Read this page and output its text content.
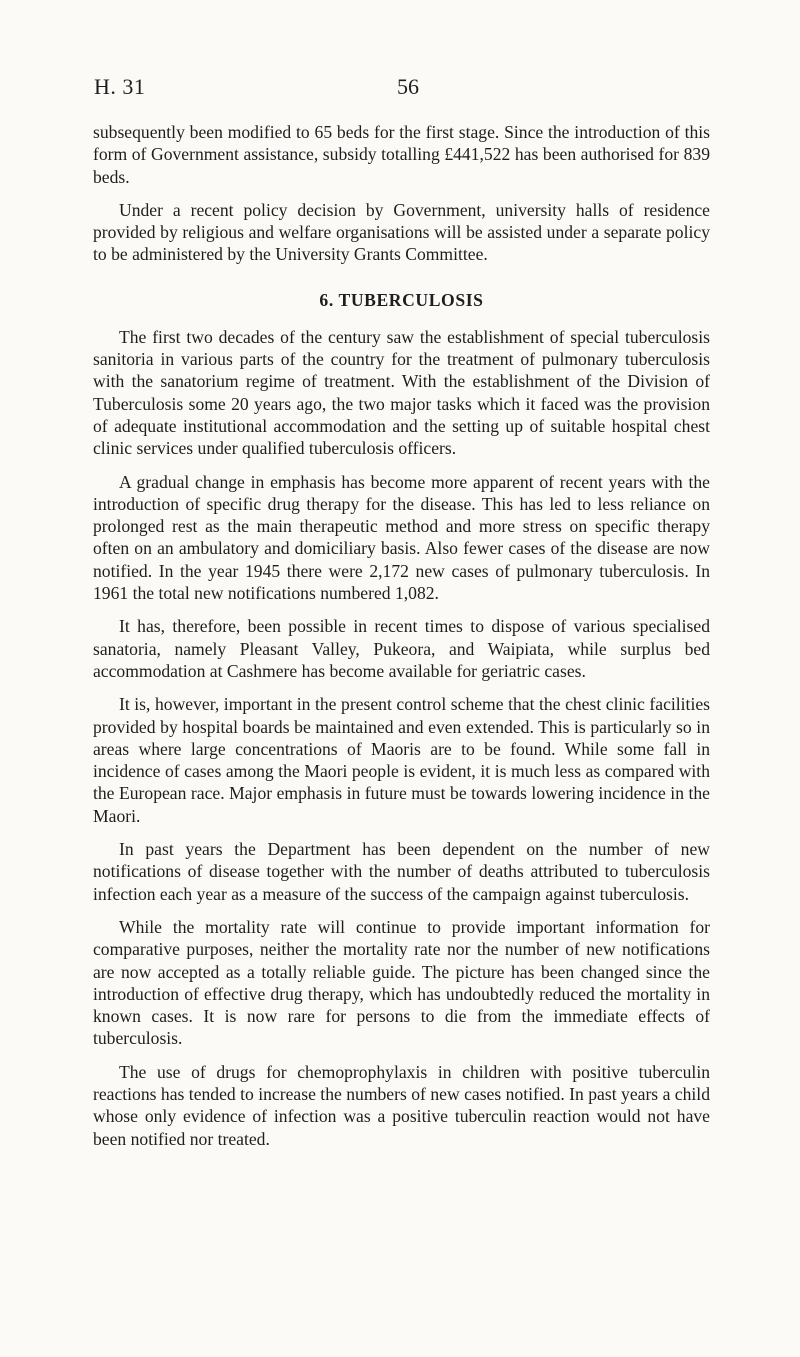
H. 31	56

subsequently been modified to 65 beds for the first stage. Since the introduction of this form of Government assistance, subsidy totalling £441,522 has been authorised for 839 beds.

Under a recent policy decision by Government, university halls of residence provided by religious and welfare organisations will be assisted under a separate policy to be administered by the University Grants Committee.

6. TUBERCULOSIS

The first two decades of the century saw the establishment of special tuberculosis sanitoria in various parts of the country for the treatment of pulmonary tuberculosis with the sanatorium regime of treatment. With the establishment of the Division of Tuberculosis some 20 years ago, the two major tasks which it faced was the provision of adequate institutional accommodation and the setting up of suitable hospital chest clinic services under qualified tuberculosis officers.

A gradual change in emphasis has become more apparent of recent years with the introduction of specific drug therapy for the disease. This has led to less reliance on prolonged rest as the main therapeutic method and more stress on specific therapy often on an ambulatory and domiciliary basis. Also fewer cases of the disease are now notified. In the year 1945 there were 2,172 new cases of pulmonary tuberculosis. In 1961 the total new notifications numbered 1,082.

It has, therefore, been possible in recent times to dispose of various specialised sanatoria, namely Pleasant Valley, Pukeora, and Waipiata, while surplus bed accommodation at Cashmere has become available for geriatric cases.

It is, however, important in the present control scheme that the chest clinic facilities provided by hospital boards be maintained and even extended. This is particularly so in areas where large concentrations of Maoris are to be found. While some fall in incidence of cases among the Maori people is evident, it is much less as compared with the European race. Major emphasis in future must be towards lowering incidence in the Maori.

In past years the Department has been dependent on the number of new notifications of disease together with the number of deaths attributed to tuberculosis infection each year as a measure of the success of the campaign against tuberculosis.

While the mortality rate will continue to provide important information for comparative purposes, neither the mortality rate nor the number of new notifications are now accepted as a totally reliable guide. The picture has been changed since the introduction of effective drug therapy, which has undoubtedly reduced the mortality in known cases. It is now rare for persons to die from the immediate effects of tuberculosis.

The use of drugs for chemoprophylaxis in children with positive tuberculin reactions has tended to increase the numbers of new cases notified. In past years a child whose only evidence of infection was a positive tuberculin reaction would not have been notified nor treated.
